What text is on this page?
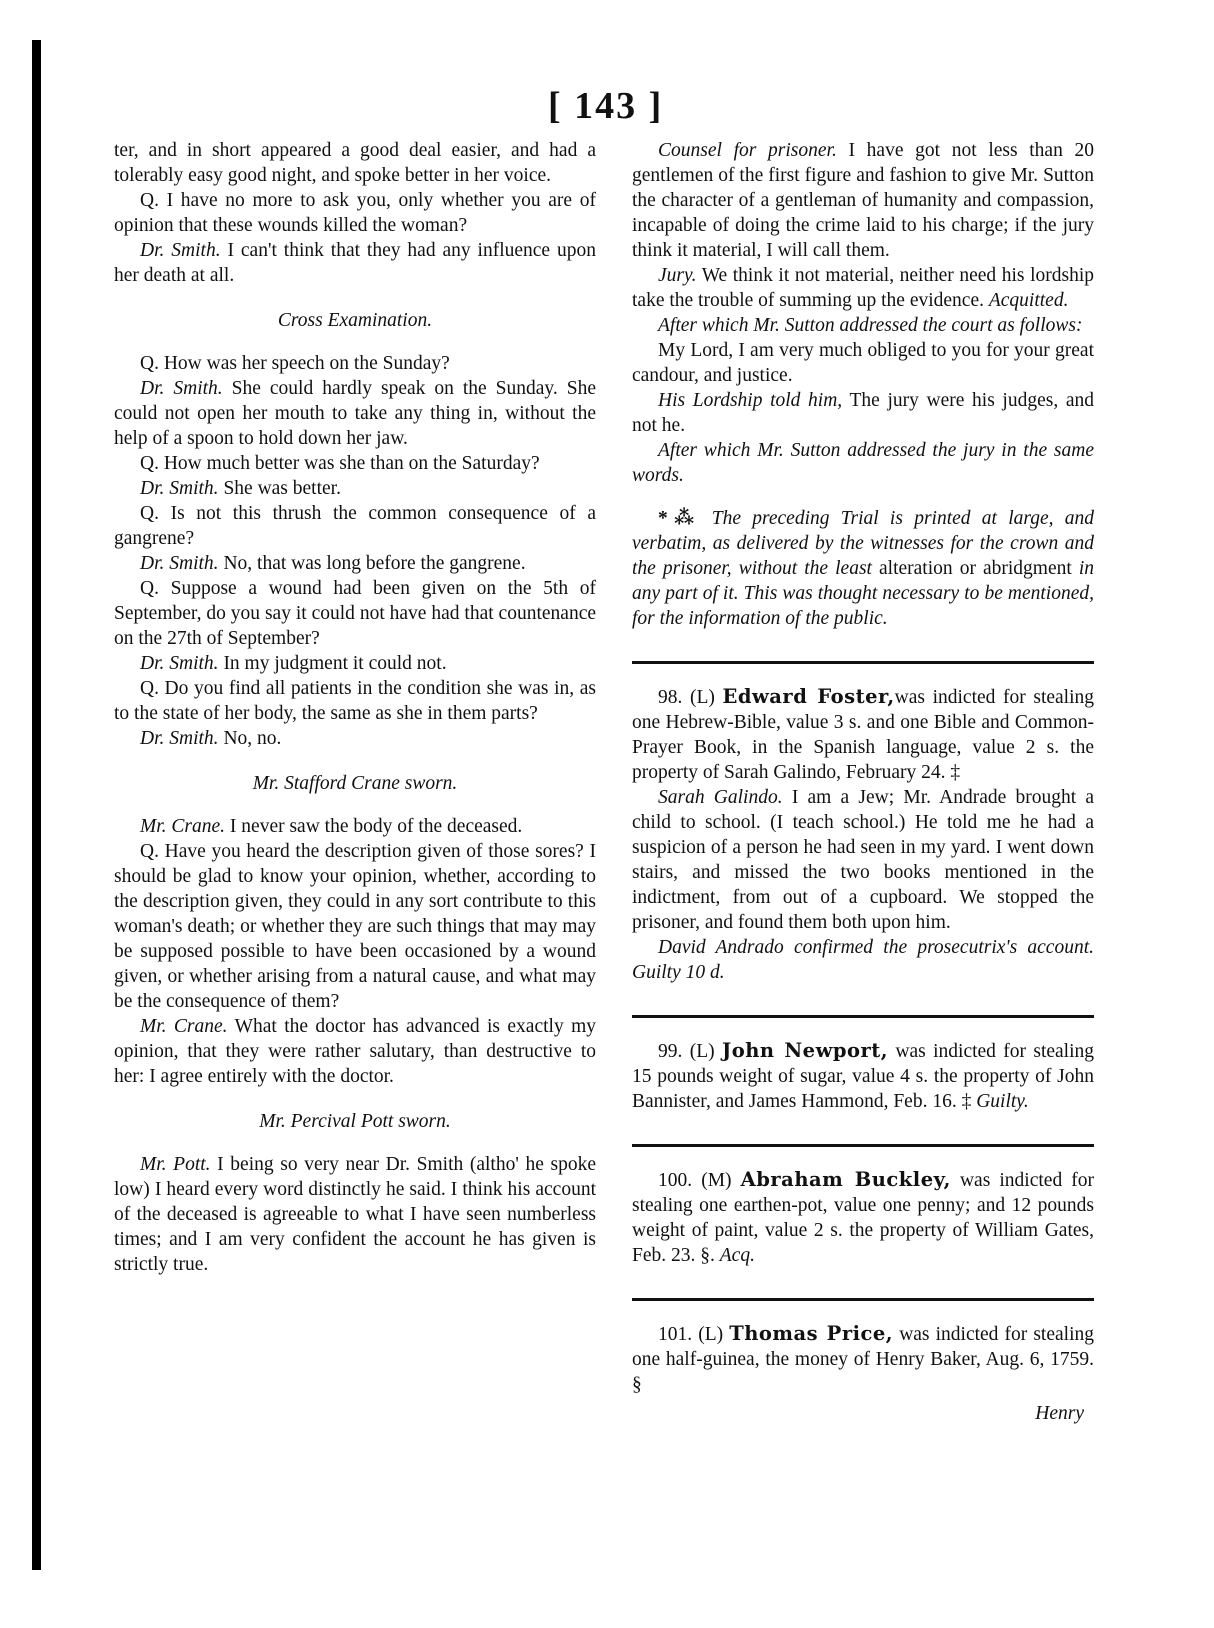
[ 143 ]

ter, and in short appeared a good deal easier, and had a tolerably easy good night, and spoke better in her voice.

Q. I have no more to ask you, only whether you are of opinion that these wounds killed the woman?

Dr. Smith. I can't think that they had any influence upon her death at all.

Cross Examination.

Q. How was her speech on the Sunday?

Dr. Smith. She could hardly speak on the Sunday. She could not open her mouth to take any thing in, without the help of a spoon to hold down her jaw.

Q. How much better was she than on the Saturday?

Dr. Smith. She was better.

Q. Is not this thrush the common consequence of a gangrene?

Dr. Smith. No, that was long before the gangrene.

Q. Suppose a wound had been given on the 5th of September, do you say it could not have had that countenance on the 27th of September?

Dr. Smith. In my judgment it could not.

Q. Do you find all patients in the condition she was in, as to the state of her body, the same as she in them parts?

Dr. Smith. No, no.

Mr. Stafford Crane sworn.

Mr. Crane. I never saw the body of the deceased.

Q. Have you heard the description given of those sores? I should be glad to know your opinion, whether, according to the description given, they could in any sort contribute to this woman's death; or whether they are such things that may may be supposed possible to have been occasioned by a wound given, or whether arising from a natural cause, and what may be the consequence of them?

Mr. Crane. What the doctor has advanced is exactly my opinion, that they were rather salutary, than destructive to her: I agree entirely with the doctor.

Mr. Percival Pott sworn.

Mr. Pott. I being so very near Dr. Smith (altho' he spoke low) I heard every word distinctly he said. I think his account of the deceased is agreeable to what I have seen numberless times; and I am very confident the account he has given is strictly true.

Counsel for prisoner. I have got not less than 20 gentlemen of the first figure and fashion to give Mr. Sutton the character of a gentleman of humanity and compassion, incapable of doing the crime laid to his charge; if the jury think it material, I will call them.

Jury. We think it not material, neither need his lordship take the trouble of summing up the evidence. Acquitted.

After which Mr. Sutton addressed the court as follows:

My Lord, I am very much obliged to you for your great candour, and justice.

His Lordship told him, The jury were his judges, and not he.

After which Mr. Sutton addressed the jury in the same words.

*⁂ The preceding Trial is printed at large, and verbatim, as delivered by the witnesses for the crown and the prisoner, without the least alteration or abridgment in any part of it. This was thought necessary to be mentioned, for the information of the public.

98. (L) Edward Foster,was indicted for stealing one Hebrew-Bible, value 3 s. and one Bible and Common-Prayer Book, in the Spanish language, value 2 s. the property of Sarah Galindo, February 24. ‡

Sarah Galindo. I am a Jew; Mr. Andrade brought a child to school. (I teach school.) He told me he had a suspicion of a person he had seen in my yard. I went down stairs, and missed the two books mentioned in the indictment, from out of a cupboard. We stopped the prisoner, and found them both upon him.

David Andrado confirmed the prosecutrix's account. Guilty 10 d.

99. (L) John Newport, was indicted for stealing 15 pounds weight of sugar, value 4 s. the property of John Bannister, and James Hammond, Feb. 16. ‡ Guilty.

100. (M) Abraham Buckley, was indicted for stealing one earthen-pot, value one penny; and 12 pounds weight of paint, value 2 s. the property of William Gates, Feb. 23. §. Acq.

101. (L) Thomas Price, was indicted for stealing one half-guinea, the money of Henry Baker, Aug. 6, 1759. §

Henry
